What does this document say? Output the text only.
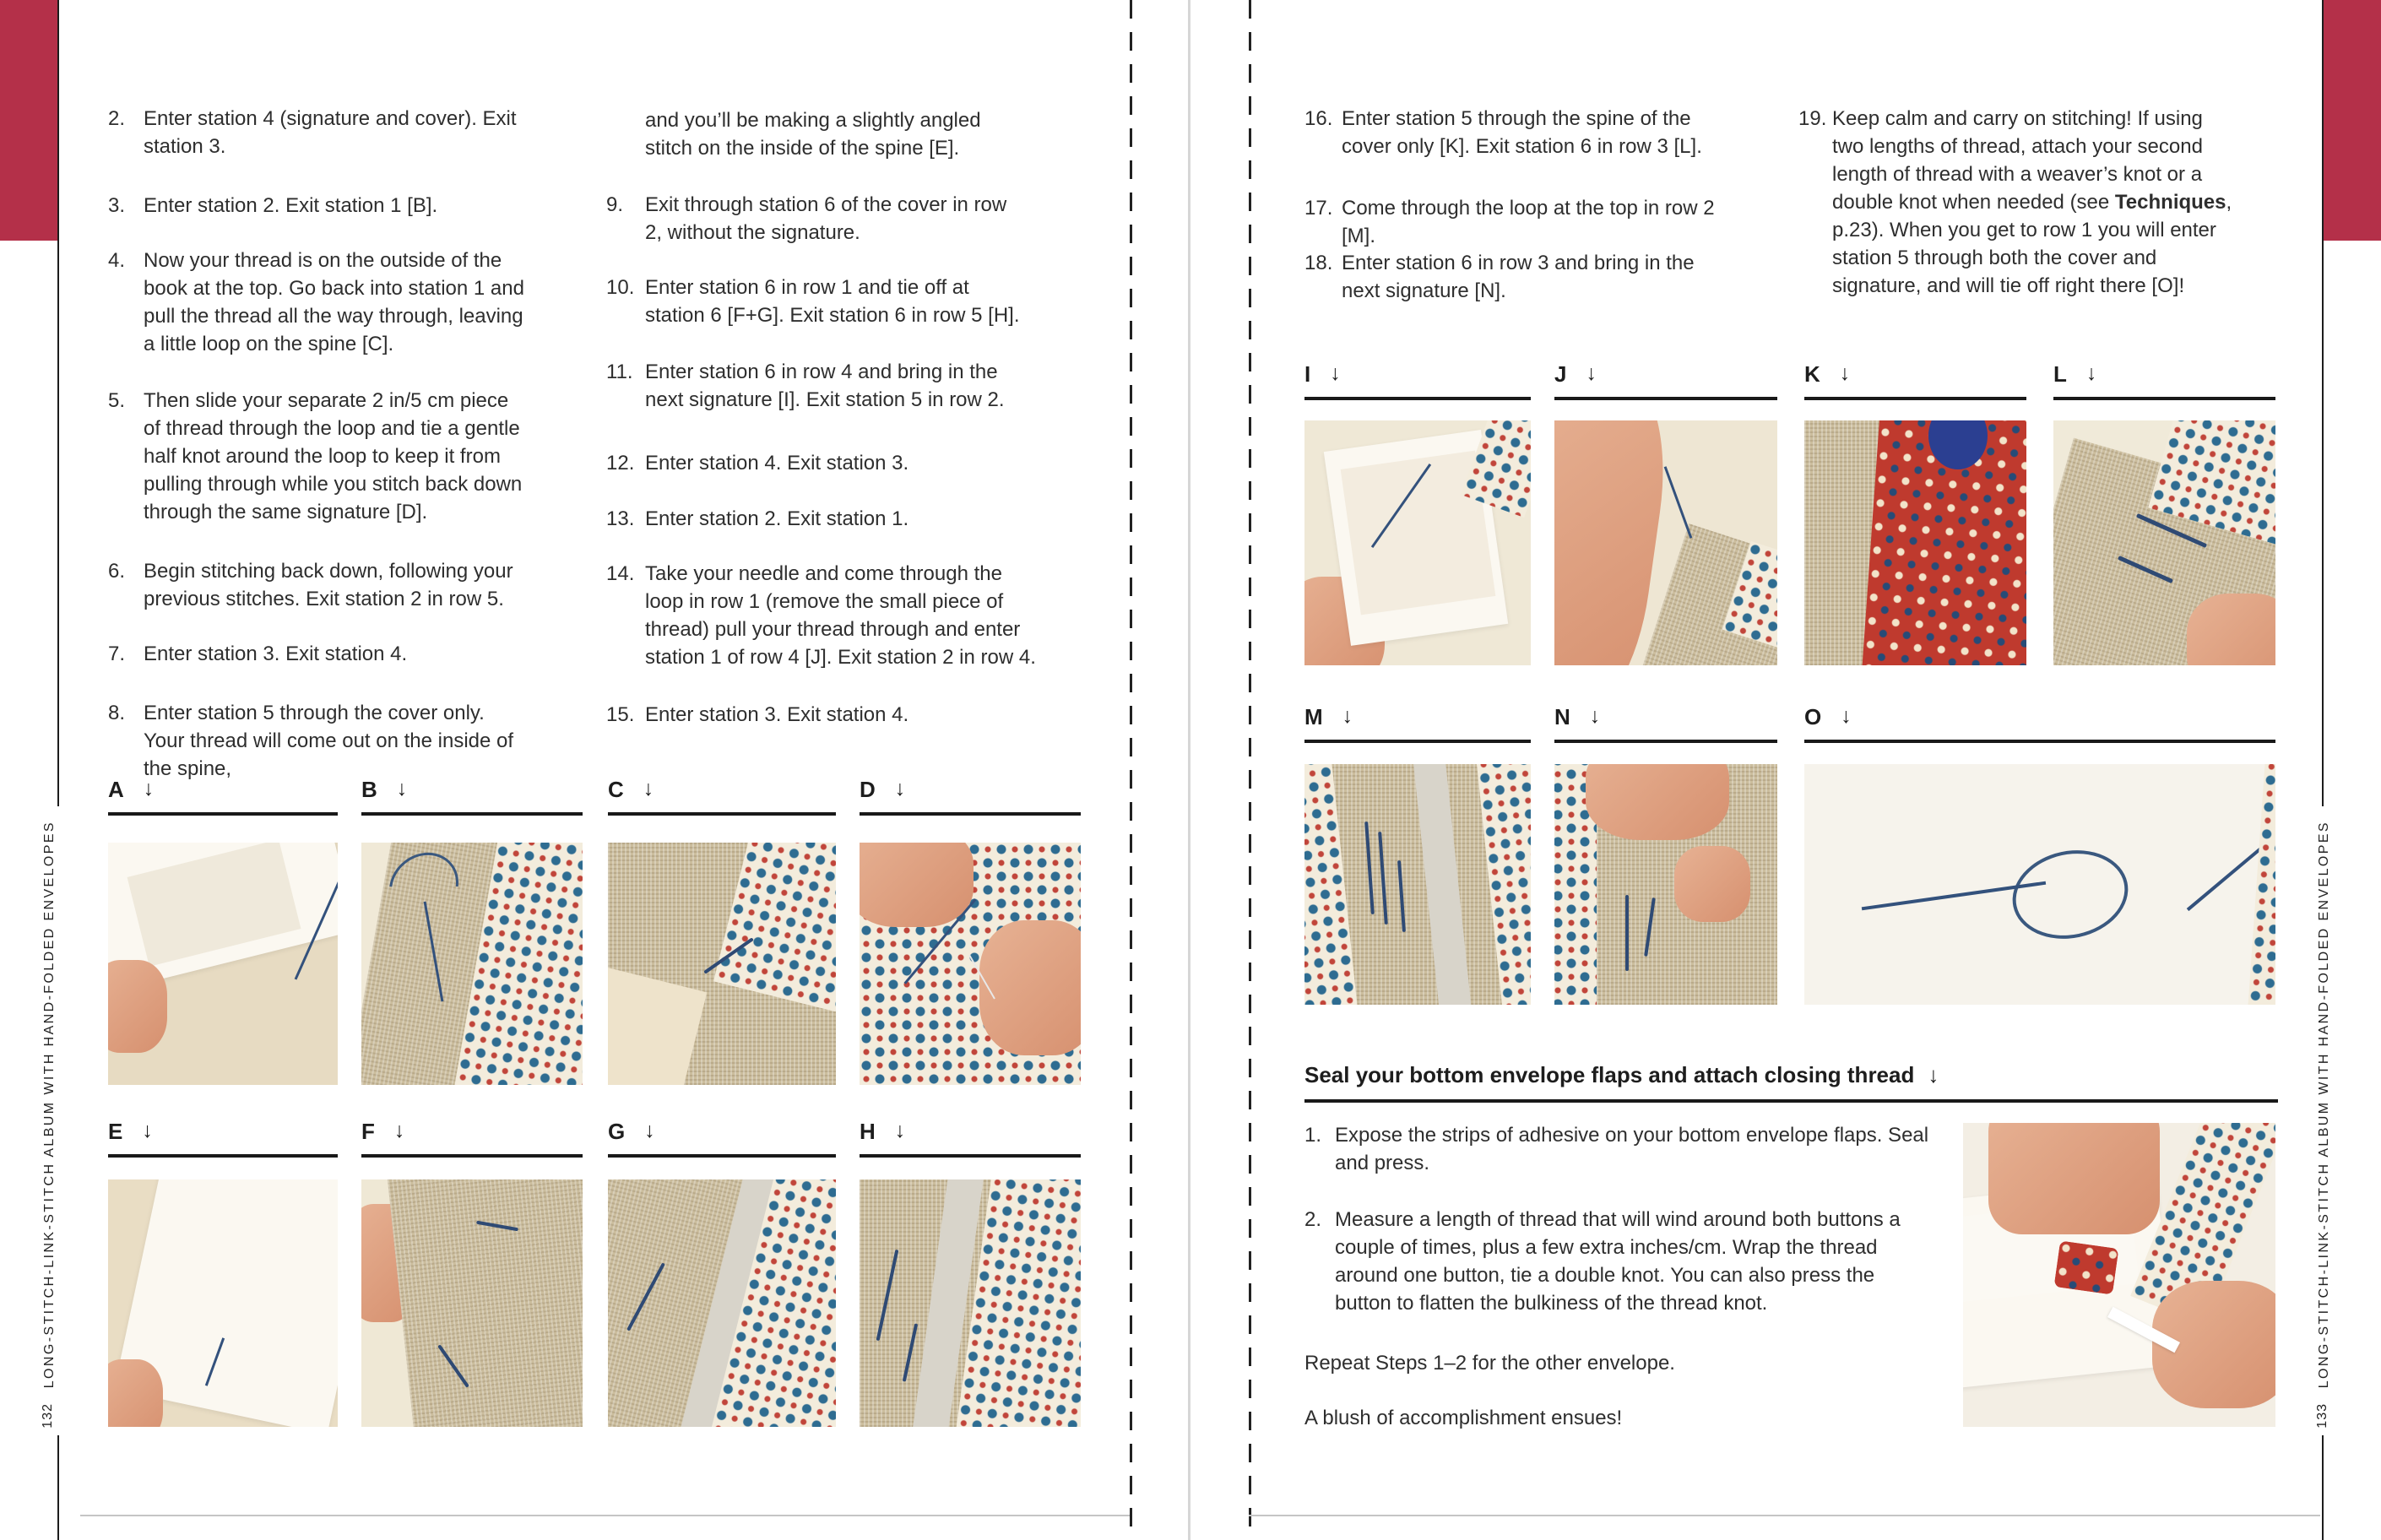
LONG-STITCH-LINK-STITCH ALBUM WITH HAND-FOLDED ENVELOPES
132
LONG-STITCH-LINK-STITCH ALBUM WITH HAND-FOLDED ENVELOPES
133
2. Enter station 4 (signature and cover). Exit station 3.
3. Enter station 2. Exit station 1 [B].
4. Now your thread is on the outside of the book at the top. Go back into station 1 and pull the thread all the way through, leaving a little loop on the spine [C].
5. Then slide your separate 2 in/5 cm piece of thread through the loop and tie a gentle half knot around the loop to keep it from pulling through while you stitch back down through the same signature [D].
6. Begin stitching back down, following your previous stitches. Exit station 2 in row 5.
7. Enter station 3. Exit station 4.
8. Enter station 5 through the cover only. Your thread will come out on the inside of the spine,
and you’ll be making a slightly angled stitch on the inside of the spine [E].
9.	Exit through station 6 of the cover in row 2, without the signature.
10. Enter station 6 in row 1 and tie off at station 6 [F+G]. Exit station 6 in row 5 [H].
11. Enter station 6 in row 4 and bring in the next signature [I]. Exit station 5 in row 2.
12. Enter station 4. Exit station 3.
13. Enter station 2. Exit station 1.
14. Take your needle and come through the loop in row 1 (remove the small piece of thread) pull your thread through and enter station 1 of row 4 [J]. Exit station 2 in row 4.
15. Enter station 3. Exit station 4.
A ↓	B ↓	C ↓	D ↓
E ↓	F ↓	G ↓	H ↓
16. Enter station 5 through the spine of the cover only [K]. Exit station 6 in row 3 [L].
17. Come through the loop at the top in row 2 [M].
18. Enter station 6 in row 3 and bring in the next signature [N].
19. Keep calm and carry on stitching! If using two lengths of thread, attach your second length of thread with a weaver’s knot or a double knot when needed (see Techniques, p.23). When you get to row 1 you will enter station 5 through both the cover and signature, and will tie off right there [O]!
I ↓	J ↓	K ↓	L ↓
M ↓	N ↓	O ↓
Seal your bottom envelope flaps and attach closing thread ↓
1. Expose the strips of adhesive on your bottom envelope flaps. Seal and press.
2. Measure a length of thread that will wind around both buttons a couple of times, plus a few extra inches/cm. Wrap the thread around one button, tie a double knot. You can also press the button to flatten the bulkiness of the thread knot.
Repeat Steps 1–2 for the other envelope.
A blush of accomplishment ensues!
